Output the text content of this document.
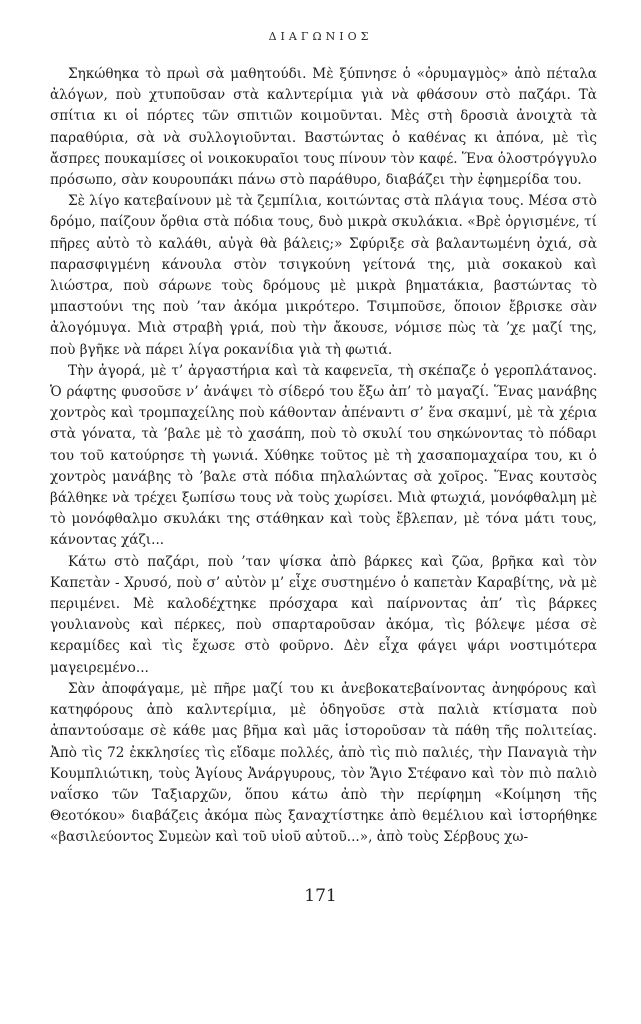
ΔΙΑΓΩΝΙΟΣ

Σηκώθηκα τὸ πρωὶ σὰ μαθητούδι. Μὲ ξύπνησε ὁ «ὀρυμαγμὸς» ἀπὸ πέταλα ἀλόγων, ποὺ χτυποῦσαν στὰ καλντερίμια γιὰ νὰ φθάσουν στὸ παζάρι. Τὰ σπίτια κι οἱ πόρτες τῶν σπιτιῶν κοιμοῦνται. Μὲς στὴ δροσιὰ ἀνοιχτὰ τὰ παραθύρια, σὰ νὰ συλλογιοῦνται. Βαστώντας ὁ καθένας κι ἀπόνα, μὲ τὶς ἄσπρες πουκαμίσες οἱ νοικοκυραῖοι τους πίνουν τὸν καφέ. Ἕνα ὁλοστρόγγυλο πρόσωπο, σὰν κουρουπάκι πάνω στὸ παράθυρο, διαβάζει τὴν ἐφημερίδα του.

Σὲ λίγο κατεβαίνουν μὲ τὰ ζεμπίλια, κοιτώντας στὰ πλάγια τους. Μέσα στὸ δρόμο, παίζουν ὄρθια στὰ πόδια τους, δυὸ μικρὰ σκυλάκια. «Βρὲ ὀργισμένε, τί πῆρες αὐτὸ τὸ καλάθι, αὐγὰ θὰ βάλεις;» Σφύριξε σὰ βαλαντωμένη ὀχιά, σὰ παρασφιγμένη κάνουλα στὸν τσιγκούνη γείτονά της, μιὰ σοκακοὺ καὶ λιώστρα, ποὺ σάρωνε τοὺς δρόμους μὲ μικρὰ βηματάκια, βαστώντας τὸ μπαστούνι της ποὺ ’ταν ἀκόμα μικρότερο. Τσιμποῦσε, ὅποιον ἔβρισκε σὰν ἀλογόμυγα. Μιὰ στραβὴ γριά, ποὺ τὴν ἄκουσε, νόμισε πὼς τὰ ’χε μαζί της, ποὺ βγῆκε νὰ πάρει λίγα ροκανίδια γιὰ τὴ φωτιά.

Τὴν ἀγορά, μὲ τ’ ἀργαστήρια καὶ τὰ καφενεῖα, τὴ σκέπαζε ὁ γεροπλάτανος. Ὁ ράφτης φυσοῦσε ν’ ἀνάψει τὸ σίδερό του ἔξω ἀπ’ τὸ μαγαζί. Ἕνας μανάβης χοντρὸς καὶ τρομπαχείλης ποὺ κάθονταν ἀπέναντι σ’ ἕνα σκαμνί, μὲ τὰ χέρια στὰ γόνατα, τὰ ’βαλε μὲ τὸ χασάπη, ποὺ τὸ σκυλί του σηκώνοντας τὸ πόδαρι του τοῦ κατούρησε τὴ γωνιά. Χύθηκε τοῦτος μὲ τὴ χασαπομαχαίρα του, κι ὁ χοντρὸς μανάβης τὸ ’βαλε στὰ πόδια πηλαλώντας σὰ χοῖρος. Ἕνας κουτσὸς βάλθηκε νὰ τρέχει ξωπίσω τους νὰ τοὺς χωρίσει. Μιὰ φτωχιά, μονόφθαλμη μὲ τὸ μονόφθαλμο σκυλάκι της στάθηκαν καὶ τοὺς ἔβλεπαν, μὲ τόνα μάτι τους, κάνοντας χάζι...

Κάτω στὸ παζάρι, ποὺ ’ταν ψίσκα ἀπὸ βάρκες καὶ ζῶα, βρῆκα καὶ τὸν Καπετὰν - Χρυσό, ποὺ σ’ αὐτὸν μ’ εἶχε συστημένο ὁ καπετὰν Καραβίτης, νὰ μὲ περιμένει. Μὲ καλοδέχτηκε πρόσχαρα καὶ παίρνοντας ἀπ’ τὶς βάρκες γουλιανοὺς καὶ πέρκες, ποὺ σπαρταροῦσαν ἀκόμα, τὶς βόλεψε μέσα σὲ κεραμίδες καὶ τὶς ἔχωσε στὸ φοῦρνο. Δὲν εἶχα φάγει ψάρι νοστιμότερα μαγειρεμένο...

Σὰν ἀποφάγαμε, μὲ πῆρε μαζί του κι ἀνεβοκατεβαίνοντας ἀνηφόρους καὶ κατηφόρους ἀπὸ καλντερίμια, μὲ ὁδηγοῦσε στὰ παλιὰ κτίσματα ποὺ ἀπαντούσαμε σὲ κάθε μας βῆμα καὶ μᾶς ἱστοροῦσαν τὰ πάθη τῆς πολιτείας. Ἀπὸ τὶς 72 ἐκκλησίες τὶς εἴδαμε πολλές, ἀπὸ τὶς πιὸ παλιές, τὴν Παναγιὰ τὴν Κουμπλιώτικη, τοὺς Ἁγίους Ἀνάργυρους, τὸν Ἅγιο Στέφανο καὶ τὸν πιὸ παλιὸ ναΐσκο τῶν Ταξιαρχῶν, ὅπου κάτω ἀπὸ τὴν περίφημη «Κοίμηση τῆς Θεοτόκου» διαβάζεις ἀκόμα πὼς ξαναχτίστηκε ἀπὸ θεμέλιου καὶ ἱστορήθηκε «βασιλεύοντος Συμεὼν καὶ τοῦ υἱοῦ αὐτοῦ...», ἀπὸ τοὺς Σέρβους χω-

171
